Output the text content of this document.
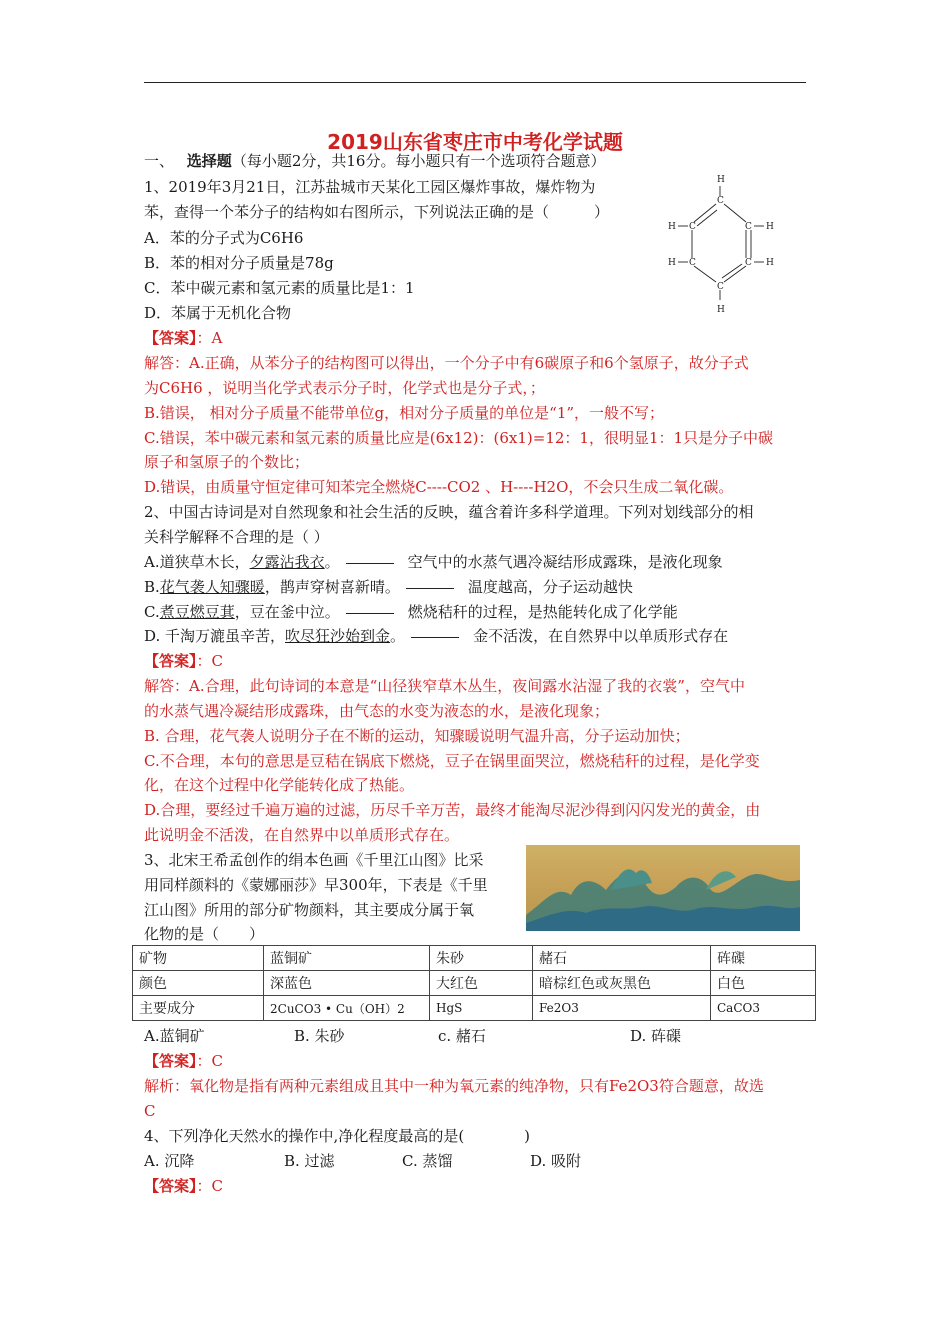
2019山东省枣庄市中考化学试题
一、 选择题（每小题2分，共16分。每小题只有一个选项符合题意）
1、2019年3月21日，江苏盐城市天某化工园区爆炸事故，爆炸物为
苯，查得一个苯分子的结构如右图所示，下列说法正确的是（　　　）
A．苯的分子式为C6H6
B．苯的相对分子质量是78g
C．苯中碳元素和氢元素的质量比是1：1
D．苯属于无机化合物
H
C
C
C
C
C
C
H
H
H
H
H
【答案】：A
解答：A.正确，从苯分子的结构图可以得出，一个分子中有6碳原子和6个氢原子，故分子式
为C6H6 ，说明当化学式表示分子时，化学式也是分子式，；
B.错误， 相对分子质量不能带单位g，相对分子质量的单位是“1”，一般不写；
C.错误，苯中碳元素和氢元素的质量比应是(6x12)：(6x1)=12：1，很明显1：1只是分子中碳
原子和氢原子的个数比；
D.错误，由质量守恒定律可知苯完全燃烧C----CO2 、H----H2O，不会只生成二氧化碳。
2、中国古诗词是对自然现象和社会生活的反映，蕴含着许多科学道理。下列对划线部分的相
关科学解释不合理的是（ ）
A.道狭草木长，夕露沾我衣。	空气中的水蒸气遇冷凝结形成露珠，是液化现象
B.花气袭人知骤暖，鹊声穿树喜新晴。	温度越高，分子运动越快
C.煮豆燃豆萁，豆在釜中泣。	燃烧秸秆的过程，是热能转化成了化学能
D. 千淘万漉虽辛苦，吹尽狂沙始到金。	金不活泼，在自然界中以单质形式存在
【答案】：C
解答：A.合理，此句诗词的本意是“山径狭窄草木丛生，夜间露水沾湿了我的衣裳”，空气中
的水蒸气遇冷凝结形成露珠，由气态的水变为液态的水，是液化现象；
B. 合理，花气袭人说明分子在不断的运动，知骤暖说明气温升高，分子运动加快；
C.不合理，本句的意思是豆秸在锅底下燃烧，豆子在锅里面哭泣，燃烧秸秆的过程，是化学变
化，在这个过程中化学能转化成了热能。
D.合理，要经过千遍万遍的过滤，历尽千辛万苦，最终才能淘尽泥沙得到闪闪发光的黄金，由
此说明金不活泼，在自然界中以单质形式存在。
3、北宋王希孟创作的绢本色画《千里江山图》比采
用同样颜料的《蒙娜丽莎》早300年，下表是《千里
江山图》所用的部分矿物颜料，其主要成分属于氧
化物的是（　　）
矿物	蓝铜矿	朱砂	赭石	砗磲
颜色	深蓝色	大红色	暗棕红色或灰黑色	白色
主要成分	2CuCO3 • Cu（OH）2	HgS	Fe2O3	CaCO3
A.蓝铜矿	B. 朱砂	c. 赭石	D. 砗磲
【答案】：C
解析：氧化物是指有两种元素组成且其中一种为氧元素的纯净物，只有Fe2O3符合题意，故选
C
4、下列净化天然水的操作中,净化程度最高的是(　　　　)
A. 沉降	B. 过滤	C. 蒸馏	D. 吸附
【答案】：C
